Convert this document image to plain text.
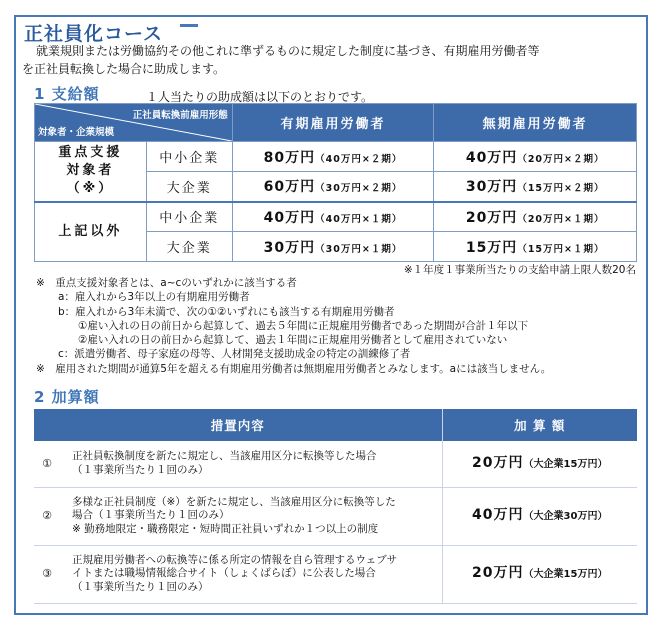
正社員化コース
就業規則または労働協約その他これに準ずるものに規定した制度に基づき、有期雇用労働者等
を正社員転換した場合に助成します。
1 支給額	１人当たりの助成額は以下のとおりです。
正社員転換前雇用形態
対象者・企業規模		有期雇用労働者	無期雇用労働者

重点支援
対象者
（※）	中小企業	80万円（40万円×２期）	40万円（20万円×２期）
	大企業	60万円（30万円×２期）	30万円（15万円×２期）
上記以外	中小企業	40万円（40万円×１期）	20万円（20万円×１期）
	大企業	30万円（30万円×１期）	15万円（15万円×１期）
※１年度１事業所当たりの支給申請上限人数20名
※　重点支援対象者とは、a~cのいずれかに該当する者
a：雇入れから3年以上の有期雇用労働者
b：雇入れから3年未満で、次の①②いずれにも該当する有期雇用労働者
①雇い入れの日の前日から起算して、過去５年間に正規雇用労働者であった期間が合計１年以下
②雇い入れの日の前日から起算して、過去１年間に正規雇用労働者として雇用されていない
c：派遣労働者、母子家庭の母等、人材開発支援助成金の特定の訓練修了者
※　雇用された期間が通算5年を超える有期雇用労働者は無期雇用労働者とみなします。aには該当しません。
2 加算額
措置内容		加 算 額
①	正社員転換制度を新たに規定し、当該雇用区分に転換等した場合
（１事業所当たり１回のみ）	20万円（大企業15万円）
②	多様な正社員制度（※）を新たに規定し、当該雇用区分に転換等した
場合（１事業所当たり１回のみ）
※ 勤務地限定・職務限定・短時間正社員いずれか１つ以上の制度	40万円（大企業30万円）
③	正規雇用労働者への転換等に係る所定の情報を自ら管理するウェブサ
イトまたは職場情報総合サイト（しょくばらぼ）に公表した場合
（１事業所当たり１回のみ）	20万円（大企業15万円）
